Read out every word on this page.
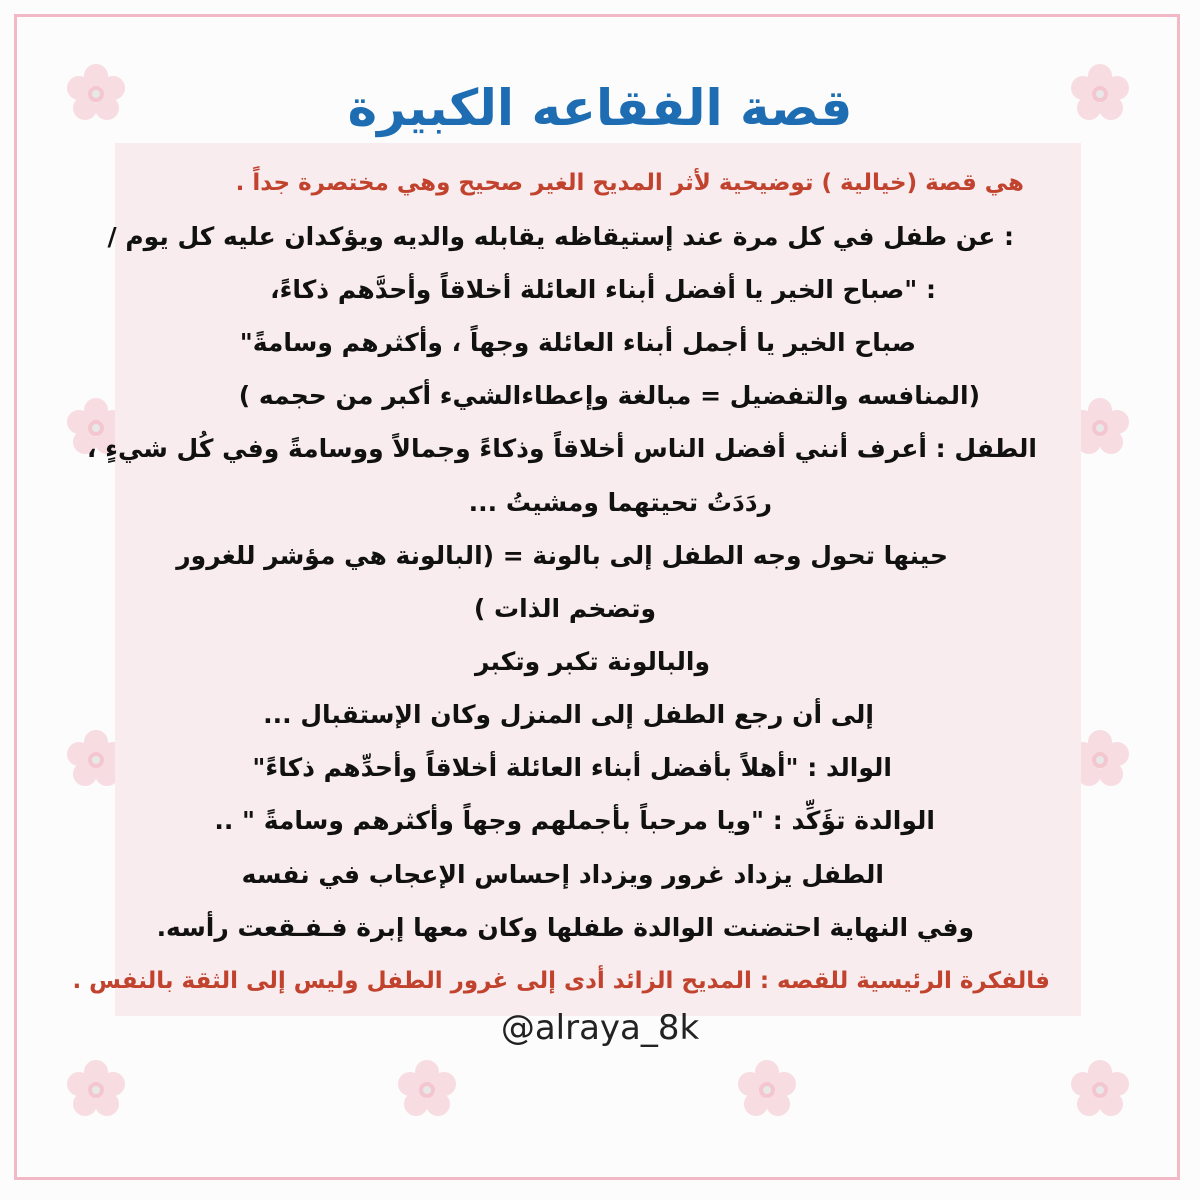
قصة الفقاعه الكبيرة
هي قصة (خيالية ) توضيحية لأثر المديح الغير صحيح وهي مختصرة جداً .
: عن طفل في كل مرة عند إستيقاظه يقابله والديه ويؤكدان عليه كل يوم /
: "صباح الخير يا أفضل أبناء العائلة أخلاقاً وأحدَّهم ذكاءً،
صباح الخير يا أجمل أبناء العائلة وجهاً ، وأكثرهم وسامةً"
(المنافسه والتفضيل = مبالغة وإعطاءالشيء أكبر من حجمه )
الطفل : أعرف أنني أفضل الناس أخلاقاً وذكاءً وجمالاً ووسامةً وفي كُل شيءٍ ،
ردَدَتُ تحيتهما ومشيتُ ...
حينها تحول وجه الطفل إلى بالونة = (البالونة هي مؤشر للغرور
وتضخم الذات )
والبالونة تكبر وتكبر
إلى أن رجع الطفل إلى المنزل وكان الإستقبال ...
الوالد : "أهلاً بأفضل أبناء العائلة أخلاقاً وأحدِّهم ذكاءً"
الوالدة تؤَكِّد : "ويا مرحباً بأجملهم وجهاً وأكثرهم وسامةً " ..
الطفل يزداد غرور ويزداد إحساس الإعجاب في نفسه
وفي النهاية احتضنت الوالدة طفلها وكان معها إبرة فـفـقعت رأسه.
فالفكرة الرئيسية للقصه : المديح الزائد أدى إلى غرور الطفل وليس إلى الثقة بالنفس .
@alraya_8k
